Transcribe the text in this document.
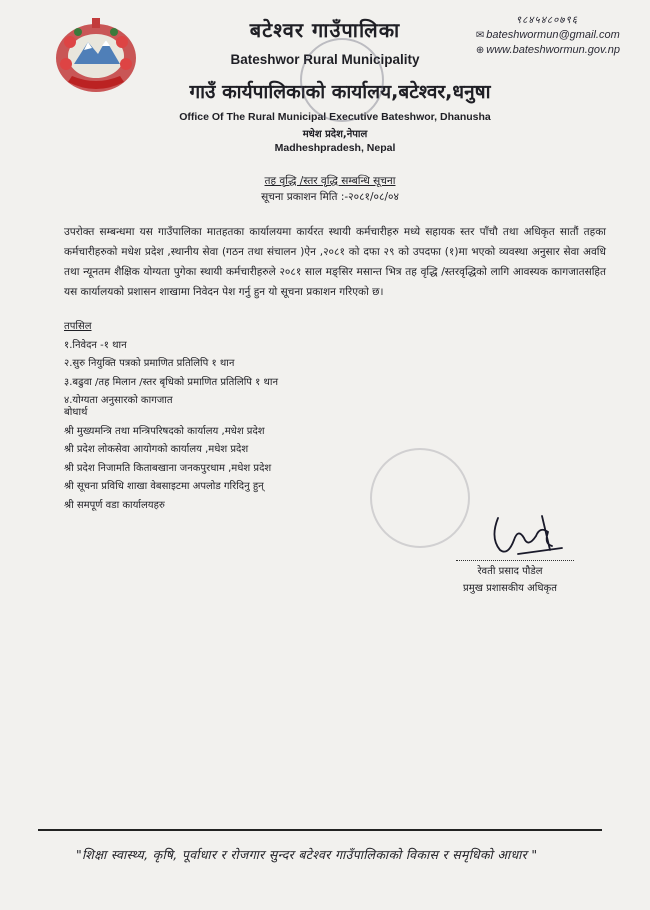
बटेश्वर गाउँपालिका
Bateshwor Rural Municipality
गाउँ कार्यपालिकाको कार्यालय,बटेश्वर,धनुषा
Office Of The Rural Municipal Executive Bateshwor, Dhanusha
मधेश प्रदेश,नेपाल
Madheshpradesh, Nepal
९८४५४८०७९६
✉ bateshwormun@gmail.com
⊕ www.bateshwormun.gov.np
तह वृद्धि /स्तर वृद्धि सम्बन्धि सूचना
सूचना प्रकाशन मिति :-२०८१/०८/०४
उपरोक्त सम्बन्धमा यस गाउँपालिका मातहतका कार्यालयमा कार्यरत स्थायी कर्मचारीहरु मध्ये सहायक स्तर पाँचौ तथा अधिकृत सातौं तहका कर्मचारीहरुको मधेश प्रदेश ,स्थानीय सेवा (गठन तथा संचालन )ऐन ,२०८१ को दफा २९ को उपदफा (१)मा भएको व्यवस्था अनुसार सेवा अवधि तथा न्यूनतम शैक्षिक योग्यता पुगेका स्थायी कर्मचारीहरुले २०८१ साल मङ्सिर मसान्त भित्र तह वृद्धि /स्तरवृद्धिको लागि आवस्यक कागजातसहित यस कार्यालयको प्रशासन शाखामा निवेदन पेश गर्नु हुन यो सूचना प्रकाशन गरिएको छ।
तपसिल
१.निवेदन -१ थान
२.सुरु नियुक्ति पत्रको प्रमाणित प्रतिलिपि १ थान
३.बढुवा /तह मिलान /स्तर बृधिको प्रमाणित प्रतिलिपि १ थान
४.योग्यता अनुसारको कागजात
बोधार्थ
श्री मुख्यमन्त्रि तथा मन्त्रिपरिषदको कार्यालय ,मधेश प्रदेश
श्री प्रदेश लोकसेवा आयोगको कार्यालय ,मधेश प्रदेश
श्री प्रदेश निजामति किताबखाना जनकपुरधाम ,मधेश प्रदेश
श्री सूचना प्रविधि शाखा वेबसाइटमा अपलोड गरिदिनु हुन्
श्री समपूर्ण वडा कार्यालयहरु
रेवती प्रसाद पौडेल
प्रमुख प्रशासकीय अधिकृत
"शिक्षा स्वास्थ्य, कृषि, पूर्वाधार र रोजगार सुन्दर बटेश्वर गाउँपालिकाको विकास र समृधिको आधार "
